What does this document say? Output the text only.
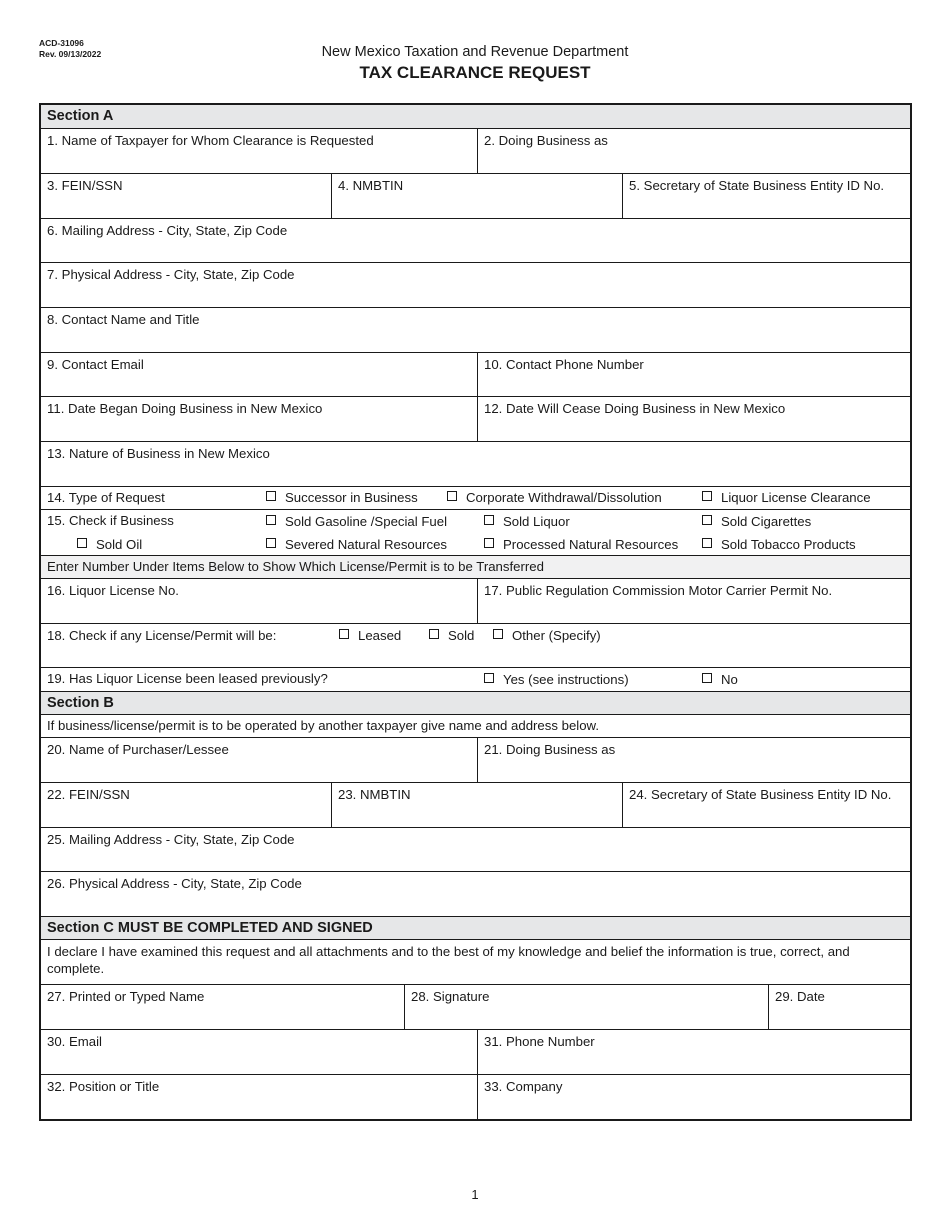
ACD-31096
Rev. 09/13/2022	New Mexico Taxation and Revenue Department
TAX CLEARANCE REQUEST
Section A
1. Name of Taxpayer for Whom Clearance is Requested	2. Doing Business as
3. FEIN/SSN	4. NMBTIN	5. Secretary of State Business Entity ID No.
6. Mailing Address - City, State, Zip Code
7. Physical Address - City, State, Zip Code
8. Contact Name and Title
9. Contact Email	10. Contact Phone Number
11. Date Began Doing Business in New Mexico	12. Date Will Cease Doing Business in New Mexico
13. Nature of Business in New Mexico
14. Type of Request	Successor in Business	Corporate Withdrawal/Dissolution	Liquor License Clearance
15. Check if Business	Sold Gasoline /Special Fuel	Sold Liquor	Sold Cigarettes
Sold Oil	Severed Natural Resources	Processed Natural Resources	Sold Tobacco Products
Enter Number Under Items Below to Show Which License/Permit is to be Transferred
16. Liquor License No.	17. Public Regulation Commission Motor Carrier Permit No.
18. Check if any License/Permit will be:	Leased	Sold	Other (Specify)
19. Has Liquor License been leased previously?	Yes (see instructions)	No
Section B
If business/license/permit is to be operated by another taxpayer give name and address below.
20. Name of Purchaser/Lessee	21. Doing Business as
22. FEIN/SSN	23. NMBTIN	24. Secretary of State Business Entity ID No.
25. Mailing Address - City, State, Zip Code
26. Physical Address - City, State, Zip Code
Section C MUST BE COMPLETED AND SIGNED
I declare I have examined this request and all attachments and to the best of my knowledge and belief the information is true, correct, and complete.
27. Printed or Typed Name	28. Signature	29. Date
30. Email	31. Phone Number
32. Position or Title	33. Company
1
